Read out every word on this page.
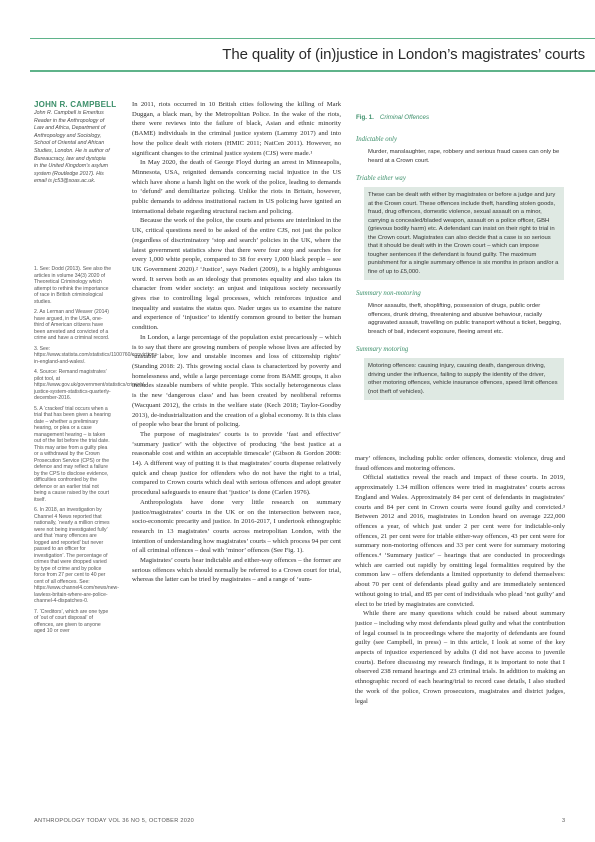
The quality of (in)justice in London’s magistrates’ courts
JOHN R. CAMPBELL
John R. Campbell is Emeritus Reader in the Anthropology of Law and Africa, Department of Anthropology and Sociology, School of Oriental and African Studies, London. He is author of Bureaucracy, law and dystopia in the United Kingdom’s asylum system (Routledge 2017). His email is jc53@soas.ac.uk.

1. See: Dodd (2013). See also the articles in volume 34(3) 2020 of Theoretical Criminology which attempt to rethink the importance of race in British criminological studies.

2. As Lerman and Weaver (2014) have argued, in the USA, one-third of American citizens have been arrested and convicted of a crime and have a criminal record.

3. See: https://www.statista.com/statistics/1100760/convictions-in-england-and-wales/.

4. Source: Remand magistrates’ pilot tool, at https://www.gov.uk/government/statistics/criminal-justice-system-statistics-quarterly-december-2016.

5. A ‘cracked’ trial occurs when a trial that has been given a hearing date – whether a preliminary hearing, or plea or a case management hearing – is taken out of the list before the trial date. This may arise from a guilty plea or a withdrawal by the Crown Prosecution Service (CPS) or the defence and may reflect a failure by the CPS to disclose evidence, difficulties confronted by the defence or an earlier trial not being a cause raised by the court itself.

6. In 2018, an investigation by Channel 4 News reported that nationally, ‘nearly a million crimes were not being investigated fully’ and that ‘many offences are logged and reported’ but never passed to an officer for investigation’. The percentage of crimes that were dropped varied by type of crime and by police force from 27 per cent to 40 per cent of all offences. See: https://www.channel4.com/news/new-lawless-britain-where-are-police-channel-4-dispatches-0.

7. ‘Creditors’, which are one type of ‘out of court disposal’ of offences, are given to anyone aged 10 or over

In 2011, riots occurred in 10 British cities following the killing of Mark Duggan, a black man, by the Metropolitan Police. In the wake of the riots, there were reviews into the failure of black, Asian and ethnic minority (BAME) individuals in the criminal justice system (Lammy 2017) and into how the police dealt with rioters (HMIC 2011; NatCen 2011). However, no significant changes to the criminal justice system (CJS) were made.¹

In May 2020, the death of George Floyd during an arrest in Minneapolis, Minnesota, USA, reignited demands concerning racial injustice in the US which have shone a harsh light on the work of the police, leading to demands to ‘defund’ and demilitarize policing. Unlike the riots in Britain, however, public demands to address institutional racism in US policing have ignited an international debate regarding structural racism and policing.

Because the work of the police, the courts and prisons are interlinked in the UK, critical questions need to be asked of the entire CJS, not just the police (regardless of discriminatory ‘stop and search’ policies in the UK, where the latest government statistics show that there were four stop and searches for every 1,000 white people, compared to 38 for every 1,000 black people – see UK Government 2020).² ‘Justice’, says Naderi (2009), is a highly ambiguous word. It serves both as an ideology that promotes equality and also takes its character from wider society: an unjust and iniquitous society necessarily gives rise to controlling legal processes, which reinforces injustice and inequality and sustains the status quo. Nader urges us to examine the nature and experience of ‘injustice’ to identify common ground to better the human condition.

In London, a large percentage of the population exist precariously – which is to say that there are growing numbers of people whose lives are affected by ‘unstable labor, low and unstable incomes and loss of citizenship rights’ (Standing 2018: 2). This growing social class is characterized by poverty and homelessness and, while a large percentage come from BAME groups, it also includes sizeable numbers of white people. This socially heterogeneous class is the new ‘dangerous class’ and has been created by neoliberal reforms (Wacquant 2012), the crisis in the welfare state (Kech 2018; Taylor-Goodby 2013), de-industrialization and the creation of a global economy. It is this class of people who bear the brunt of policing.

The purpose of magistrates’ courts is to provide ‘fast and effective’ ‘summary justice’ with the objective of producing ‘the best justice at a reasonable cost and within an acceptable timescale’ (Gibson & Gordon 2008: 14). A different way of putting it is that magistrates’ courts dispense relatively quick and cheap justice for offenders who do not have the right to a trial, compared to Crown courts which deal with serious offences and adopt greater procedural safeguards to ensure that ‘justice’ is done (Carlen 1976).

Anthropologists have done very little research on summary justice/magistrates’ courts in the UK or on the intersection between race, socio-economic precarity and justice. In 2016-2017, I undertook ethnographic research in 13 magistrates’ courts across metropolitan London, with the intention of understanding how magistrates’ courts – which process 94 per cent of all criminal offences – deal with ‘minor’ offences (See Fig. 1).

Magistrates’ courts hear indictable and either-way offences – the former are serious offences which should normally be referred to a Crown court for trial, whereas the latter can be tried by magistrates – and a range of ‘sum-

Fig. 1. Criminal Offences
Indictable only
Murder, manslaughter, rape, robbery and serious fraud cases can only be heard at a Crown court.
Triable either way
These can be dealt with either by magistrates or before a judge and jury at the Crown court. These offences include theft, handling stolen goods, fraud, drug offences, domestic violence, sexual assault on a minor, carrying a concealed/bladed weapon, assault on a police officer, GBH (grievous bodily harm) etc. A defendant can insist on their right to trial in the Crown court. Magistrates can also decide that a case is so serious that it should be dealt with in the Crown court – which can impose tougher sentences if the defendant is found guilty. The maximum punishment for a single summary offence is six months in prison and/or a fine of up to £5,000.
Summary non-motoring
Minor assaults, theft, shoplifting, possession of drugs, public order offences, drunk driving, threatening and abusive behaviour, racially aggravated assault, travelling on public transport without a ticket, begging, breach of bail, indecent exposure, fleeing arrest etc.
Summary motoring
Motoring offences: causing injury, causing death, dangerous driving, driving under the influence, failing to supply the identity of the driver, other motoring offences, vehicle insurance offences, speed limit offences (not theft of vehicles).

mary’ offences, including public order offences, domestic violence, drug and fraud offences and motoring offences.

Official statistics reveal the reach and impact of these courts. In 2019, approximately 1.34 million offences were tried in magistrates’ courts across England and Wales. Approximately 84 per cent of defendants in magistrates’ courts and 84 per cent in Crown courts were found guilty and convicted.³ Between 2012 and 2016, magistrates in London heard on average 222,000 offences a year, of which just under 2 per cent were for indictable-only offences, 21 per cent were for triable either-way offences, 43 per cent were for summary non-motoring offences and 33 per cent were for summary motoring offences.⁴ ‘Summary justice’ – hearings that are conducted in proceedings which are carried out rapidly by omitting legal formalities required by the common law – offers defendants a limited opportunity to defend themselves: about 70 per cent of defendants plead guilty and are immediately sentenced without going to trial, and 85 per cent of individuals who plead ‘not guilty’ and elect to be tried by magistrates are convicted.

While there are many questions which could be raised about summary justice – including why most defendants plead guilty and what the contribution of legal counsel is in proceedings where the majority of defendants are found guilty (see Campbell, in press) – in this article, I look at some of the key aspects of injustice experienced by adults (I did not have access to juvenile courts). Before discussing my research findings, it is important to note that I observed 238 remand hearings and 23 criminal trials. In addition to making an ethnographic record of each hearing/trial to record case details, I also studied the work of the police, Crown prosecutors, magistrates and district judges, legal

ANTHROPOLOGY TODAY VOL 36 NO 5, OCTOBER 2020	3
